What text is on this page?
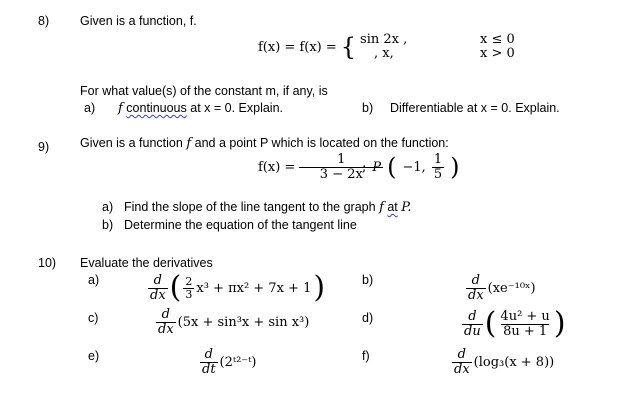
8) Given is a function, f.
f(x) = f(x) = { sin 2x ,	x ≤ 0
, x,	x > 0
For what value(s) of the constant m, if any, is
a) f continuous at x = 0. Explain.	b) Differentiable at x = 0. Explain.
9) Given is a function f and a point P which is located on the function:
$f(x) = \frac{1}{3 - 2x}$
; P ( −1, $\frac{1}{5}$ )
a) Find the slope of the line tangent to the graph f at P.
b) Determine the equation of the tangent line
10) Evaluate the derivatives
a)	$\frac{d}{dx}$ ( $\frac{2}{3} x^3 + \pi x^2 + 7x + 1$ )	b)	$\frac{d}{dx}$ (xe⁻¹⁰ˣ)
c)	$\frac{d}{dx} (5x + \sin^3x + \sin x^3)$	d)	$\frac{d}{du}$ ( $\frac{\text{4u² + u}}{8u + 1}$ )
e)	$\frac{d}{dt}$ (2ᵗ²⁻ᵗ)	f)	$\frac{d}{dx} (\log_3(x + 8))$
